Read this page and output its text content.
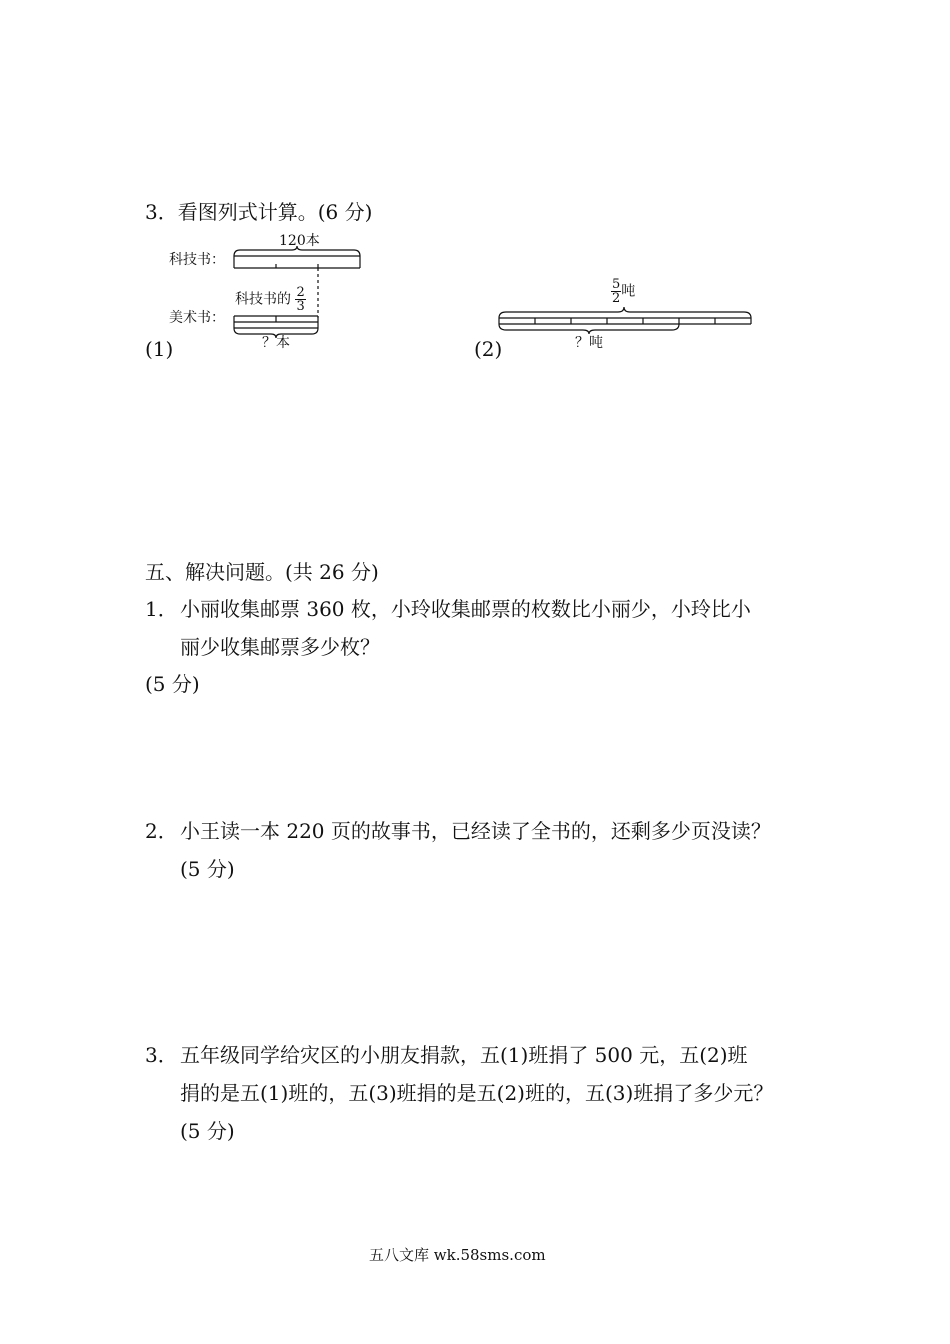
3．看图列式计算。(6 分)
科技书：
120本
科技书的 $\frac{2}{3}$
美术书：
？本
(1)
$\frac{5}{2}$ 吨
？吨
(2)
五、解决问题。(共 26 分)
1． 小丽收集邮票 360 枚，小玲收集邮票的枚数比小丽少，小玲比小
丽少收集邮票多少枚？
(5 分)
2． 小王读一本 220 页的故事书，已经读了全书的，还剩多少页没读？
(5 分)
3． 五年级同学给灾区的小朋友捐款，五(1)班捐了 500 元，五(2)班
捐的是五(1)班的，五(3)班捐的是五(2)班的，五(3)班捐了多少元？
(5 分)
五八文库 wk.58sms.com
